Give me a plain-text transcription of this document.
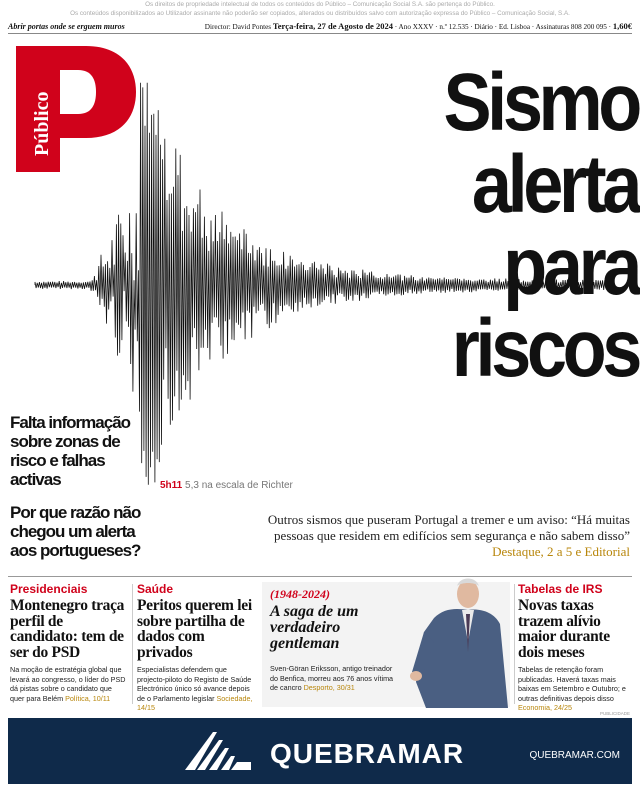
Os direitos de propriedade intelectual de todos os conteúdos do Público – Comunicação Social S.A. são pertença do Público.
Os conteúdos disponibilizados ao Utilizador assinante não poderão ser copiados, alterados ou distribuídos salvo com autorização expressa do Público – Comunicação Social, S.A.
Abrir portas onde se erguem muros	Director: David Pontes Terça-feira, 27 de Agosto de 2024 · Ano XXXV · n.º 12.535 · Diário · Ed. Lisboa · Assinaturas 808 200 095 · 1,60€
Público	Sismo
alerta
para
riscos
Falta informação sobre zonas de risco e falhas activas
Por que razão não chegou um alerta aos portugueses?
5h11 5,3 na escala de Richter
Outros sismos que puseram Portugal a tremer e um aviso: “Há muitas pessoas que residem em edifícios sem segurança e não sabem disso” Destaque, 2 a 5 e Editorial
Presidenciais
Montenegro traça perfil de candidato: tem de ser do PSD
Na moção de estratégia global que levará ao congresso, o líder do PSD dá pistas sobre o candidato que quer para Belém Política, 10/11
Saúde
Peritos querem lei sobre partilha de dados com privados
Especialistas defendem que projecto-piloto do Registo de Saúde Electrónico único só avance depois de o Parlamento legislar Sociedade, 14/15
(1948-2024)
A saga de um verdadeiro gentleman
Sven-Göran Eriksson, antigo treinador do Benfica, morreu aos 76 anos vítima de cancro Desporto, 30/31
Tabelas de IRS
Novas taxas trazem alívio maior durante dois meses
Tabelas de retenção foram publicadas. Haverá taxas mais baixas em Setembro e Outubro; e outras definitivas depois disso Economia, 24/25
PUBLICIDADE
QUEBRAMAR	QUEBRAMAR.COM
